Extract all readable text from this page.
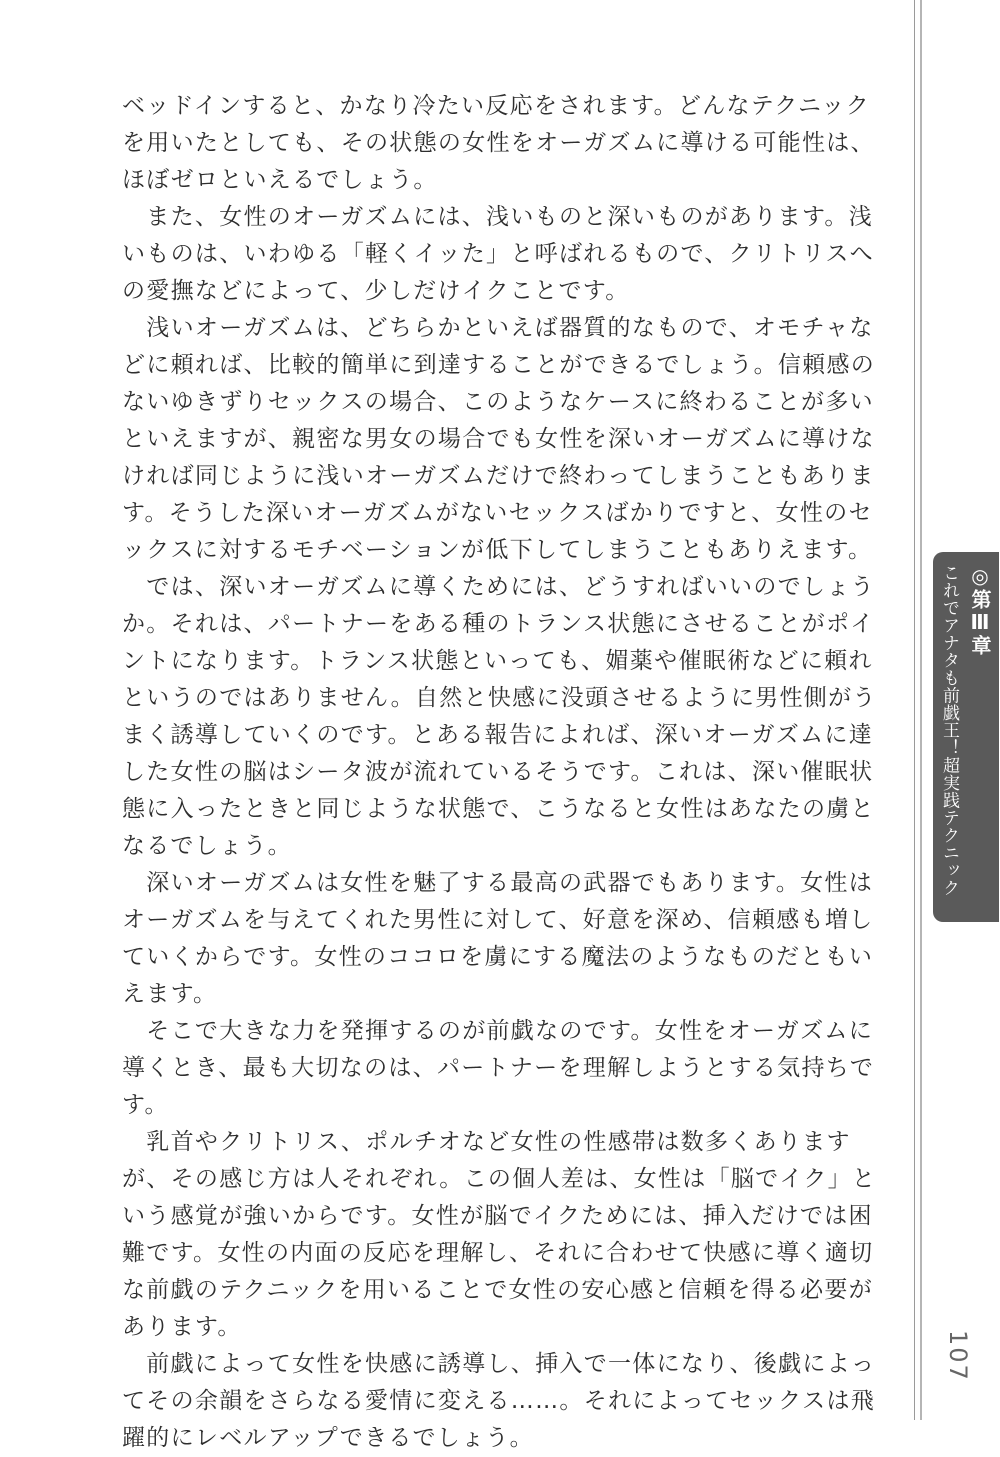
ベッドインすると、かなり冷たい反応をされます。どんなテクニックを用いたとしても、その状態の女性をオーガズムに導ける可能性は、ほぼゼロといえるでしょう。

　また、女性のオーガズムには、浅いものと深いものがあります。浅いものは、いわゆる「軽くイッた」と呼ばれるもので、クリトリスへの愛撫などによって、少しだけイクことです。

　浅いオーガズムは、どちらかといえば器質的なもので、オモチャなどに頼れば、比較的簡単に到達することができるでしょう。信頼感のないゆきずりセックスの場合、このようなケースに終わることが多いといえますが、親密な男女の場合でも女性を深いオーガズムに導けなければ同じように浅いオーガズムだけで終わってしまうこともあります。そうした深いオーガズムがないセックスばかりですと、女性のセックスに対するモチベーションが低下してしまうこともありえます。

　では、深いオーガズムに導くためには、どうすればいいのでしょうか。それは、パートナーをある種のトランス状態にさせることがポイントになります。トランス状態といっても、媚薬や催眠術などに頼れというのではありません。自然と快感に没頭させるように男性側がうまく誘導していくのです。とある報告によれば、深いオーガズムに達した女性の脳はシータ波が流れているそうです。これは、深い催眠状態に入ったときと同じような状態で、こうなると女性はあなたの虜となるでしょう。

　深いオーガズムは女性を魅了する最高の武器でもあります。女性はオーガズムを与えてくれた男性に対して、好意を深め、信頼感も増していくからです。女性のココロを虜にする魔法のようなものだともいえます。

　そこで大きな力を発揮するのが前戯なのです。女性をオーガズムに導くとき、最も大切なのは、パートナーを理解しようとする気持ちです。

　乳首やクリトリス、ポルチオなど女性の性感帯は数多くありますが、その感じ方は人それぞれ。この個人差は、女性は「脳でイク」という感覚が強いからです。女性が脳でイクためには、挿入だけでは困難です。女性の内面の反応を理解し、それに合わせて快感に導く適切な前戯のテクニックを用いることで女性の安心感と信頼を得る必要があります。

　前戯によって女性を快感に誘導し、挿入で一体になり、後戯によってその余韻をさらなる愛情に変える……。それによってセックスは飛躍的にレベルアップできるでしょう。

◎第Ⅲ章
これでアナタも前戯王！超実践テクニック
107
